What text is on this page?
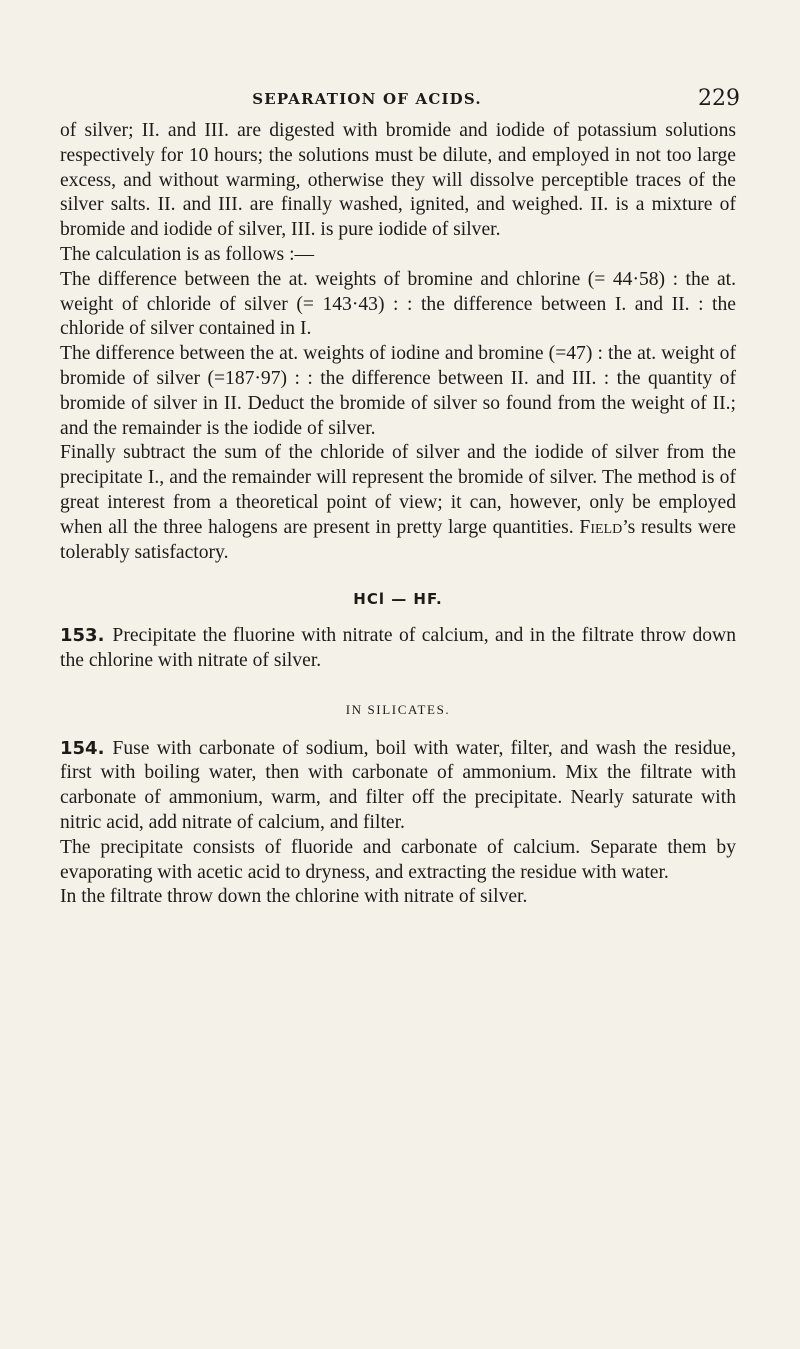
SEPARATION OF ACIDS.	229

of silver; II. and III. are digested with bromide and iodide of potassium solutions respectively for 10 hours; the solutions must be dilute, and employed in not too large excess, and without warming, otherwise they will dissolve perceptible traces of the silver salts. II. and III. are finally washed, ignited, and weighed. II. is a mixture of bromide and iodide of silver, III. is pure iodide of silver.

The calculation is as follows :—

The difference between the at. weights of bromine and chlorine (= 44·58) : the at. weight of chloride of silver (= 143·43) : : the difference between I. and II. : the chloride of silver contained in I.

The difference between the at. weights of iodine and bromine (=47) : the at. weight of bromide of silver (=187·97) : : the difference between II. and III. : the quantity of bromide of silver in II. Deduct the bromide of silver so found from the weight of II.; and the remainder is the iodide of silver.

Finally subtract the sum of the chloride of silver and the iodide of silver from the precipitate I., and the remainder will represent the bromide of silver. The method is of great interest from a theoretical point of view; it can, however, only be employed when all the three halogens are present in pretty large quantities. Field’s results were tolerably satisfactory.

HCl — HF.

153. Precipitate the fluorine with nitrate of calcium, and in the filtrate throw down the chlorine with nitrate of silver.

IN SILICATES.

154. Fuse with carbonate of sodium, boil with water, filter, and wash the residue, first with boiling water, then with carbonate of ammonium. Mix the filtrate with carbonate of ammonium, warm, and filter off the precipitate. Nearly saturate with nitric acid, add nitrate of calcium, and filter.

The precipitate consists of fluoride and carbonate of calcium. Separate them by evaporating with acetic acid to dryness, and extracting the residue with water.

In the filtrate throw down the chlorine with nitrate of silver.
